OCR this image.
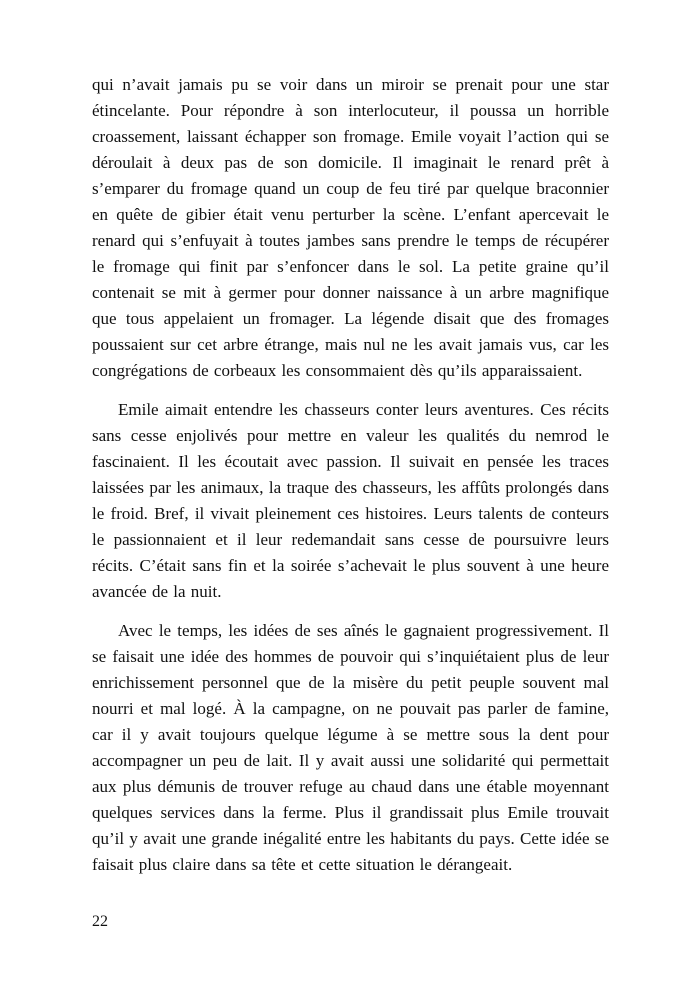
qui n’avait jamais pu se voir dans un miroir se prenait pour une star étincelante. Pour répondre à son interlocuteur, il poussa un horrible croassement, laissant échapper son fromage. Emile voyait l’action qui se déroulait à deux pas de son domicile. Il imaginait le renard prêt à s’emparer du fromage quand un coup de feu tiré par quelque braconnier en quête de gibier était venu perturber la scène. L’enfant apercevait le renard qui s’enfuyait à toutes jambes sans prendre le temps de récupérer le fromage qui finit par s’enfoncer dans le sol. La petite graine qu’il contenait se mit à germer pour donner naissance à un arbre magnifique que tous appelaient un fromager. La légende disait que des fromages poussaient sur cet arbre étrange, mais nul ne les avait jamais vus, car les congrégations de corbeaux les consommaient dès qu’ils apparaissaient.

Emile aimait entendre les chasseurs conter leurs aventures. Ces récits sans cesse enjolivés pour mettre en valeur les qualités du nemrod le fascinaient. Il les écoutait avec passion. Il suivait en pensée les traces laissées par les animaux, la traque des chasseurs, les affûts prolongés dans le froid. Bref, il vivait pleinement ces histoires. Leurs talents de conteurs le passionnaient et il leur redemandait sans cesse de poursuivre leurs récits. C’était sans fin et la soirée s’achevait le plus souvent à une heure avancée de la nuit.

Avec le temps, les idées de ses aînés le gagnaient progressivement. Il se faisait une idée des hommes de pouvoir qui s’inquiétaient plus de leur enrichissement personnel que de la misère du petit peuple souvent mal nourri et mal logé. À la campagne, on ne pouvait pas parler de famine, car il y avait toujours quelque légume à se mettre sous la dent pour accompagner un peu de lait. Il y avait aussi une solidarité qui permettait aux plus démunis de trouver refuge au chaud dans une étable moyennant quelques services dans la ferme. Plus il grandissait plus Emile trouvait qu’il y avait une grande inégalité entre les habitants du pays. Cette idée se faisait plus claire dans sa tête et cette situation le dérangeait.

22
